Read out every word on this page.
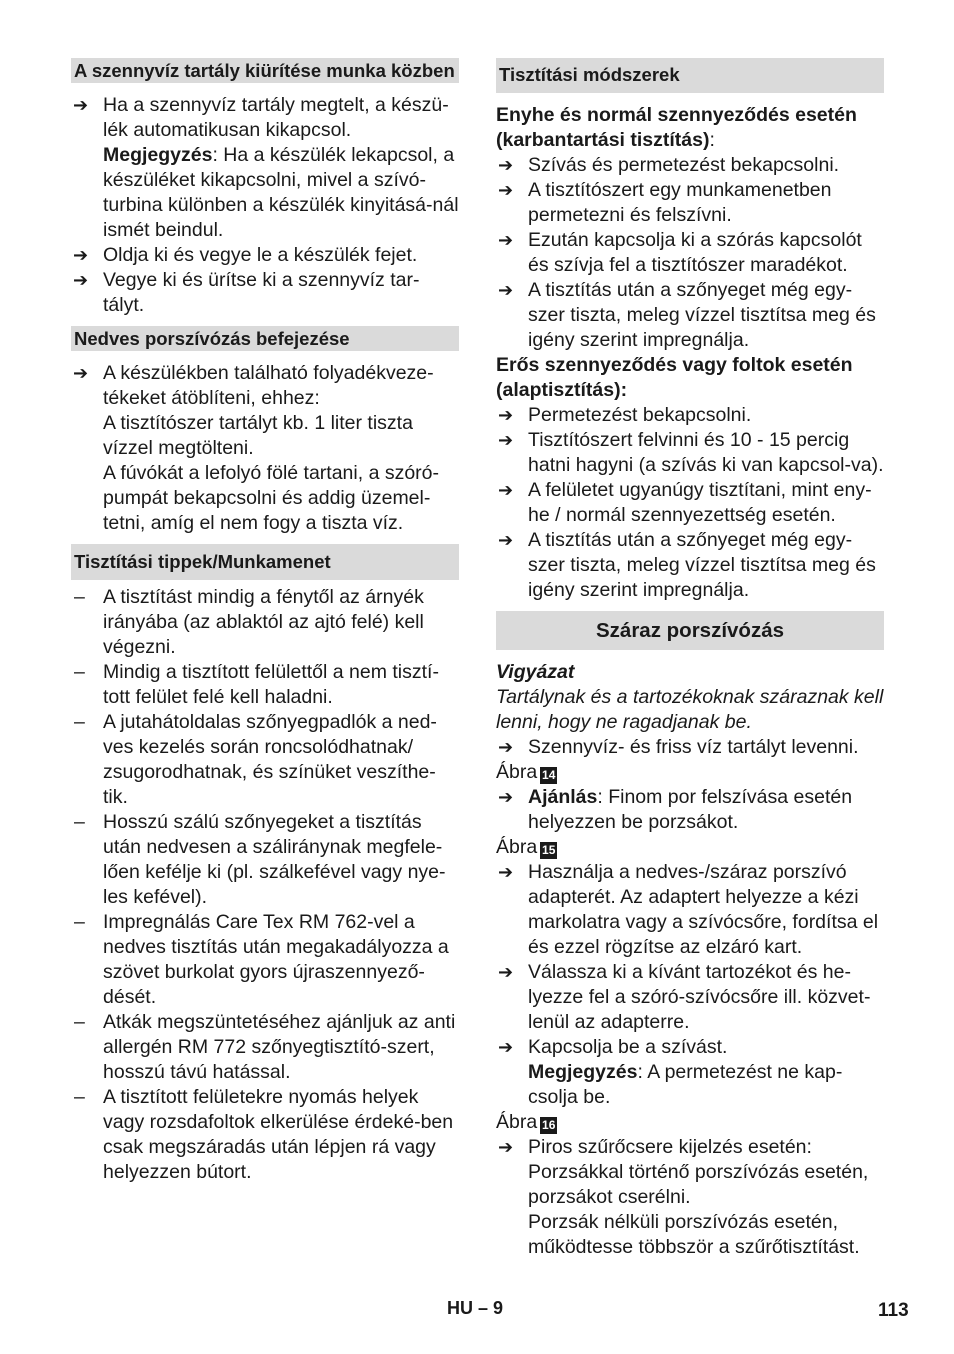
A szennyvíz tartály kiürítése munka közben
➔ Ha a szennyvíz tartály megtelt, a készü-lék automatikusan kikapcsol.
Megjegyzés: Ha a készülék lekapcsol, a készüléket kikapcsolni, mivel a szívó-turbina különben a készülék kinyitásá-nál ismét beindul.
➔ Oldja ki és vegye le a készülék fejet.
➔ Vegye ki és ürítse ki a szennyvíz tar-tályt.
Nedves porszívózás befejezése
➔ A készülékben található folyadékveze-tékeket átöblíteni, ehhez:
A tisztítószer tartályt kb. 1 liter tiszta vízzel megtölteni.
A fúvókát a lefolyó fölé tartani, a szóró-pumpát bekapcsolni és addig üzemel-tetni, amíg el nem fogy a tiszta víz.
Tisztítási tippek/Munkamenet
– A tisztítást mindig a fénytől az árnyék irányába (az ablaktól az ajtó felé) kell végezni.
– Mindig a tisztított felülettől a nem tisztí-tott felület felé kell haladni.
– A jutahátoldalas szőnyegpadlók a ned-ves kezelés során roncsolódhatnak/ zsugorodhatnak, és színüket veszíthe-tik.
– Hosszú szálú szőnyegeket a tisztítás után nedvesen a száliránynak megfele-lően kefélje ki (pl. szálkefével vagy nye-les kefével).
– Impregnálás Care Tex RM 762-vel a nedves tisztítás után megakadályozza a szövet burkolat gyors újraszennyező-dését.
– Atkák megszüntetéséhez ajánljuk az anti allergén RM 772 szőnyegtisztító-szert, hosszú távú hatással.
– A tisztított felületekre nyomás helyek vagy rozsdafoltok elkerülése érdeké-ben csak megszáradás után lépjen rá vagy helyezzen bútort.
Tisztítási módszerek
Enyhe és normál szennyeződés esetén (karbantartási tisztítás):
➔ Szívás és permetezést bekapcsolni.
➔ A tisztítószert egy munkamenetben permetezni és felszívni.
➔ Ezután kapcsolja ki a szórás kapcsolót és szívja fel a tisztítószer maradékot.
➔ A tisztítás után a szőnyeget még egy-szer tiszta, meleg vízzel tisztítsa meg és igény szerint impregnálja.
Erős szennyeződés vagy foltok esetén (alaptisztítás):
➔ Permetezést bekapcsolni.
➔ Tisztítószert felvinni és 10 - 15 percig hatni hagyni (a szívás ki van kapcsol-va).
➔ A felületet ugyanúgy tisztítani, mint eny-he / normál szennyezettség esetén.
➔ A tisztítás után a szőnyeget még egy-szer tiszta, meleg vízzel tisztítsa meg és igény szerint impregnálja.
Száraz porszívózás
Vigyázat
Tartálynak és a tartozékoknak száraznak kell lenni, hogy ne ragadjanak be.
➔ Szennyvíz- és friss víz tartályt levenni.
Ábra 14
➔ Ajánlás: Finom por felszívása esetén helyezzen be porzsákot.
Ábra 15
➔ Használja a nedves-/száraz porszívó adapterét. Az adaptert helyezze a kézi markolatra vagy a szívócsőre, fordítsa el és ezzel rögzítse az elzáró kart.
➔ Válassza ki a kívánt tartozékot és he-lyezze fel a szóró-szívócsőre ill. közvet-lenül az adapterre.
➔ Kapcsolja be a szívást.
Megjegyzés: A permetezést ne kap-csolja be.
Ábra 16
➔ Piros szűrőcsere kijelzés esetén:
Porzsákkal történő porszívózás esetén, porzsákot cserélni.
Porzsák nélküli porszívózás esetén, működtesse többször a szűrőtisztítást.
HU – 9	113
